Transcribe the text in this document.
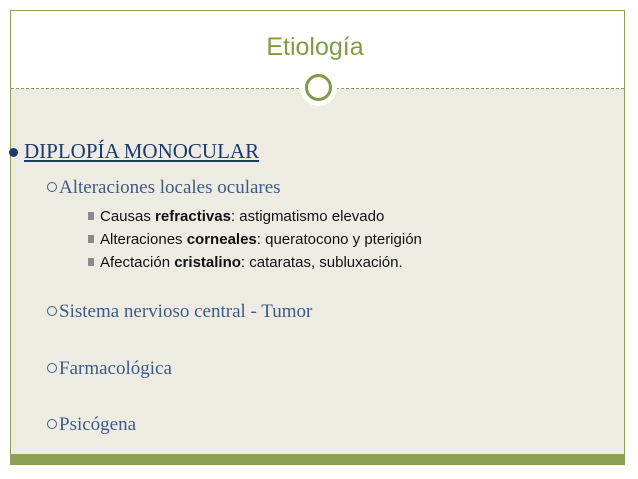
Etiología
DIPLOPÍA MONOCULAR
Alteraciones locales oculares
Causas refractivas: astigmatismo elevado
Alteraciones corneales: queratocono y pterigión
Afectación cristalino: cataratas, subluxación.
Sistema nervioso central - Tumor
Farmacológica
Psicógena
